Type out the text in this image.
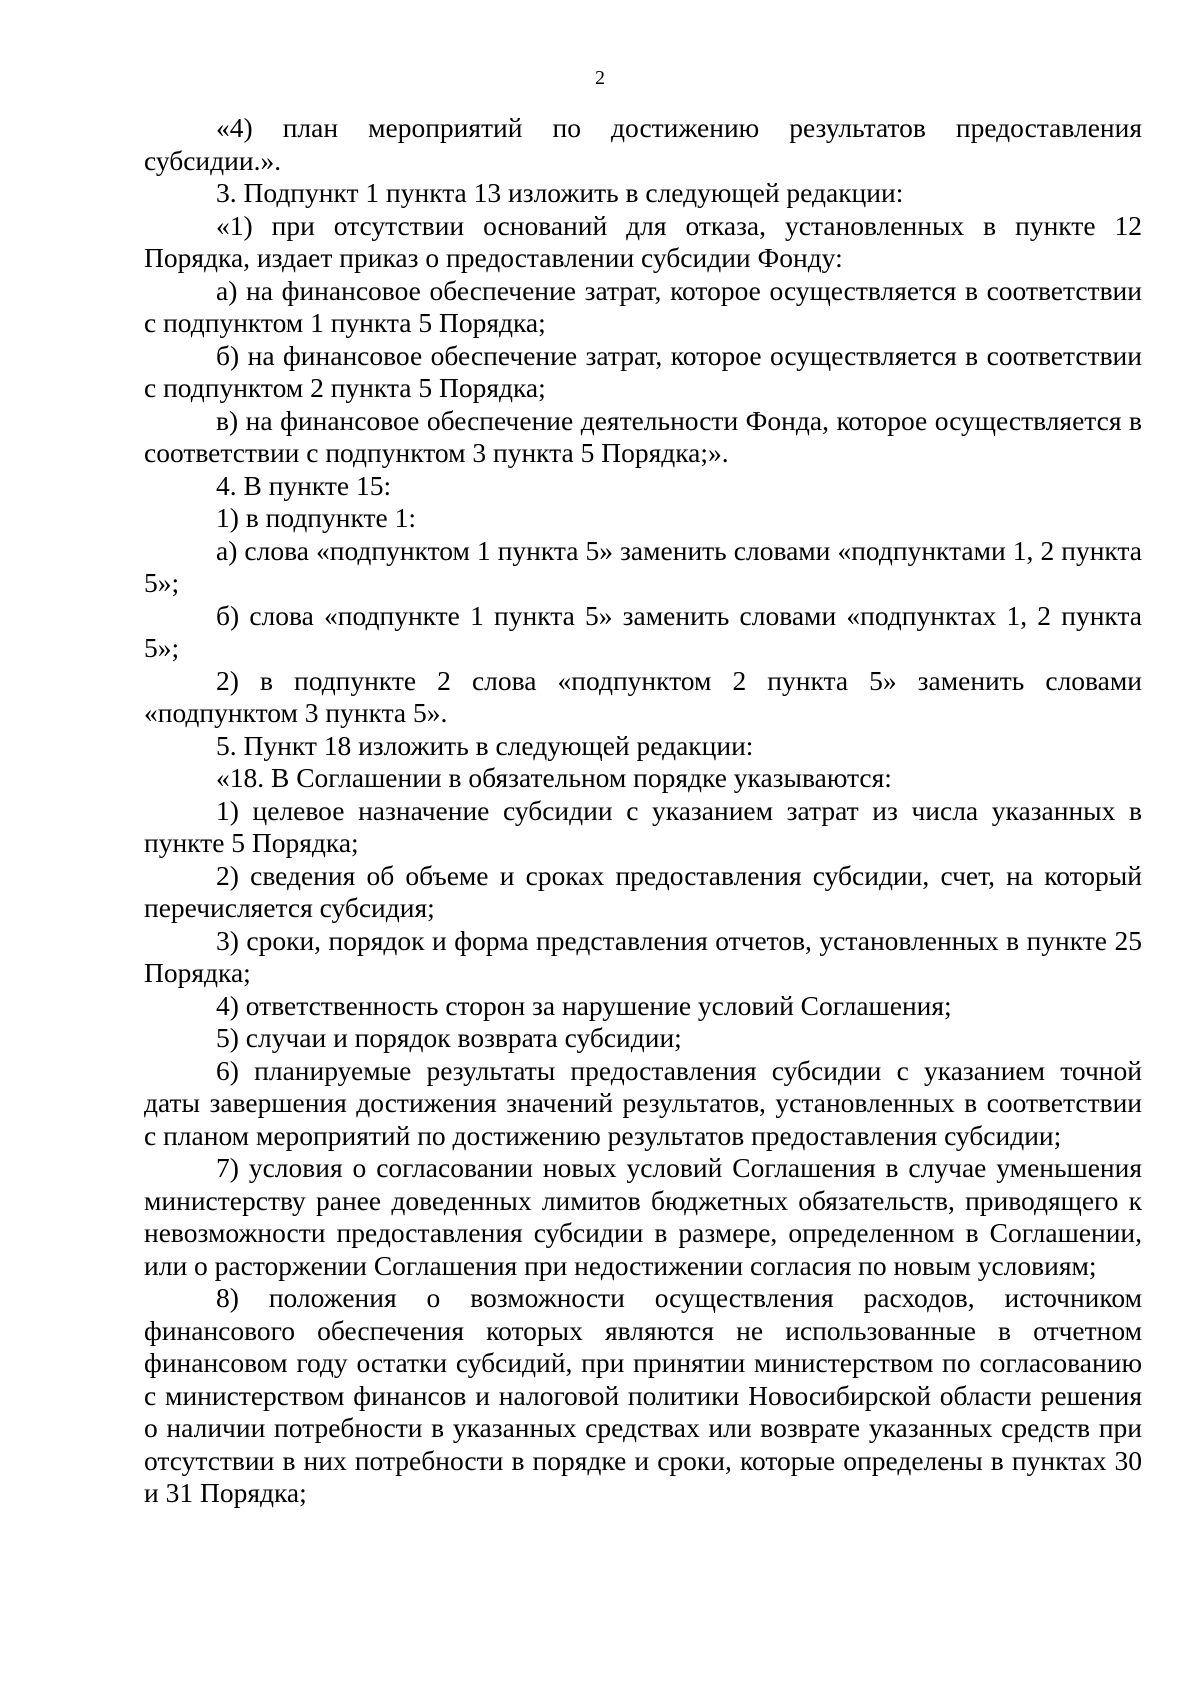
2

«4) план мероприятий по достижению результатов предоставления субсидии.».

3. Подпункт 1 пункта 13 изложить в следующей редакции:

«1) при отсутствии оснований для отказа, установленных в пункте 12 Порядка, издает приказ о предоставлении субсидии Фонду:

а) на финансовое обеспечение затрат, которое осуществляется в соответствии с подпунктом 1 пункта 5 Порядка;

б) на финансовое обеспечение затрат, которое осуществляется в соответствии с подпунктом 2 пункта 5 Порядка;

в) на финансовое обеспечение деятельности Фонда, которое осуществляется в соответствии с подпунктом 3 пункта 5 Порядка;».

4. В пункте 15:

1) в подпункте 1:

а) слова «подпунктом 1 пункта 5» заменить словами «подпунктами 1, 2 пункта 5»;

б) слова «подпункте 1 пункта 5» заменить словами «подпунктах 1, 2 пункта 5»;

2) в подпункте 2 слова «подпунктом 2 пункта 5» заменить словами «подпунктом 3 пункта 5».

5. Пункт 18 изложить в следующей редакции:

«18. В Соглашении в обязательном порядке указываются:

1) целевое назначение субсидии с указанием затрат из числа указанных в пункте 5 Порядка;

2) сведения об объеме и сроках предоставления субсидии, счет, на который перечисляется субсидия;

3) сроки, порядок и форма представления отчетов, установленных в пункте 25 Порядка;

4) ответственность сторон за нарушение условий Соглашения;

5) случаи и порядок возврата субсидии;

6) планируемые результаты предоставления субсидии с указанием точной даты завершения достижения значений результатов, установленных в соответствии с планом мероприятий по достижению результатов предоставления субсидии;

7) условия о согласовании новых условий Соглашения в случае уменьшения министерству ранее доведенных лимитов бюджетных обязательств, приводящего к невозможности предоставления субсидии в размере, определенном в Соглашении, или о расторжении Соглашения при недостижении согласия по новым условиям;

8) положения о возможности осуществления расходов, источником финансового обеспечения которых являются не использованные в отчетном финансовом году остатки субсидий, при принятии министерством по согласованию с министерством финансов и налоговой политики Новосибирской области решения о наличии потребности в указанных средствах или возврате указанных средств при отсутствии в них потребности в порядке и сроки, которые определены в пунктах 30 и 31 Порядка;
